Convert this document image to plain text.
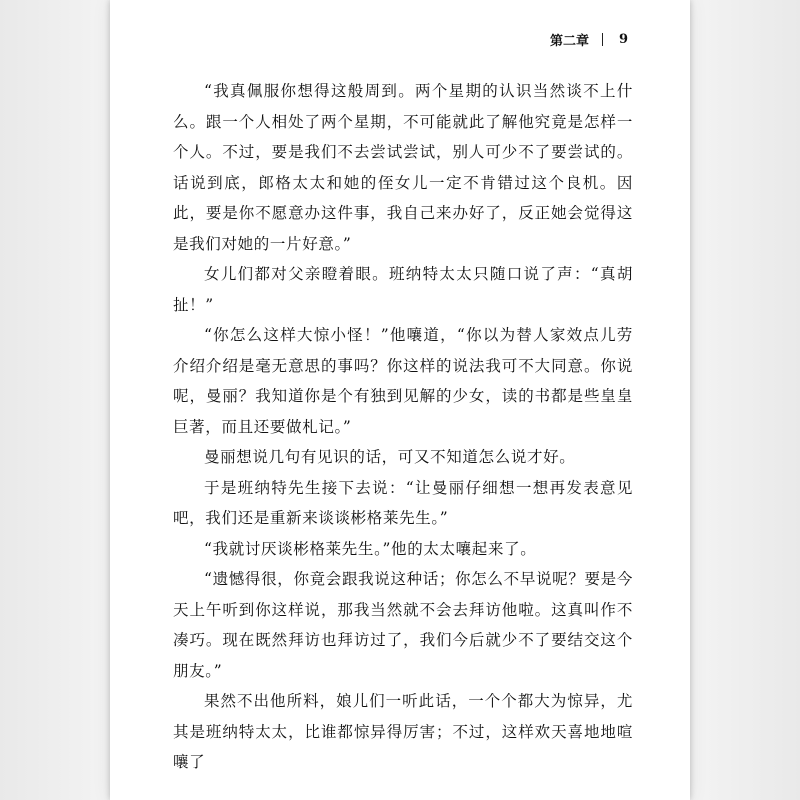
第二章 9

“我真佩服你想得这般周到。两个星期的认识当然谈不上什么。跟一个人相处了两个星期，不可能就此了解他究竟是怎样一个人。不过，要是我们不去尝试尝试，别人可少不了要尝试的。话说到底，郎格太太和她的侄女儿一定不肯错过这个良机。因此，要是你不愿意办这件事，我自己来办好了，反正她会觉得这是我们对她的一片好意。”

女儿们都对父亲瞪着眼。班纳特太太只随口说了声：“真胡扯！”

“你怎么这样大惊小怪！”他嚷道，“你以为替人家效点儿劳介绍介绍是毫无意思的事吗？你这样的说法我可不大同意。你说呢，曼丽？我知道你是个有独到见解的少女，读的书都是些皇皇巨著，而且还要做札记。”

曼丽想说几句有见识的话，可又不知道怎么说才好。

于是班纳特先生接下去说：“让曼丽仔细想一想再发表意见吧，我们还是重新来谈谈彬格莱先生。”

“我就讨厌谈彬格莱先生。”他的太太嚷起来了。

“遗憾得很，你竟会跟我说这种话；你怎么不早说呢？要是今天上午听到你这样说，那我当然就不会去拜访他啦。这真叫作不凑巧。现在既然拜访也拜访过了，我们今后就少不了要结交这个朋友。”

果然不出他所料，娘儿们一听此话，一个个都大为惊异，尤其是班纳特太太，比谁都惊异得厉害；不过，这样欢天喜地地喧嚷了
